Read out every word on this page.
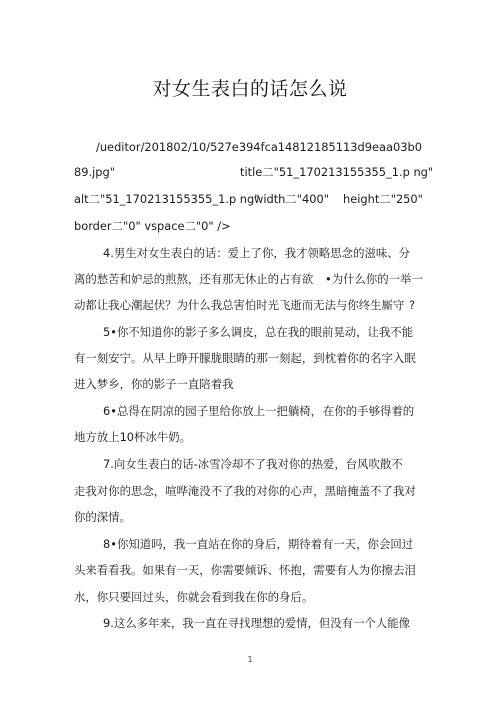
对女生表白的话怎么说
/ueditor/201802/10/527e394fca14812185113d9eaa03b0
89.jpg"	title二"51_170213155355_1.p ng"
alt二"51_170213155355_1.p ng"
width二"400" height二"250"
border二"0" vspace二"0" />
4.男生对女生表白的话：爱上了你，我才领略思念的滋味、分
离的愁苦和妒忌的煎熬，还有那无休止的占有欲 •为什么你的一举一
动都让我心潮起伏？为什么我总害怕时光飞逝而无法与你终生厮守 ?
5•你不知道你的影子多么调皮，总在我的眼前晃动，让我不能
有一刻安宁。从早上睁开朦胧眼睛的那一刻起，到枕着你的名字入眠
进入梦乡，你的影子一直陪着我
6•总得在阴凉的园子里给你放上一把躺椅， 在你的手够得着的
地方放上10杯冰牛奶。
7.向女生表白的话-冰雪冷却不了我对你的热爱，台风吹散不
走我对你的思念，喧哗淹没不了我的对你的心声，黑暗掩盖不了我对
你的深情。
8•你知道吗，我一直站在你的身后，期待着有一天，你会回过
头来看看我。如果有一天，你需要倾诉、怀抱，需要有人为你擦去泪
水，你只要回过头，你就会看到我在你的身后。
9.这么多年来，我一直在寻找理想的爱情，但没有一个人能像
1
